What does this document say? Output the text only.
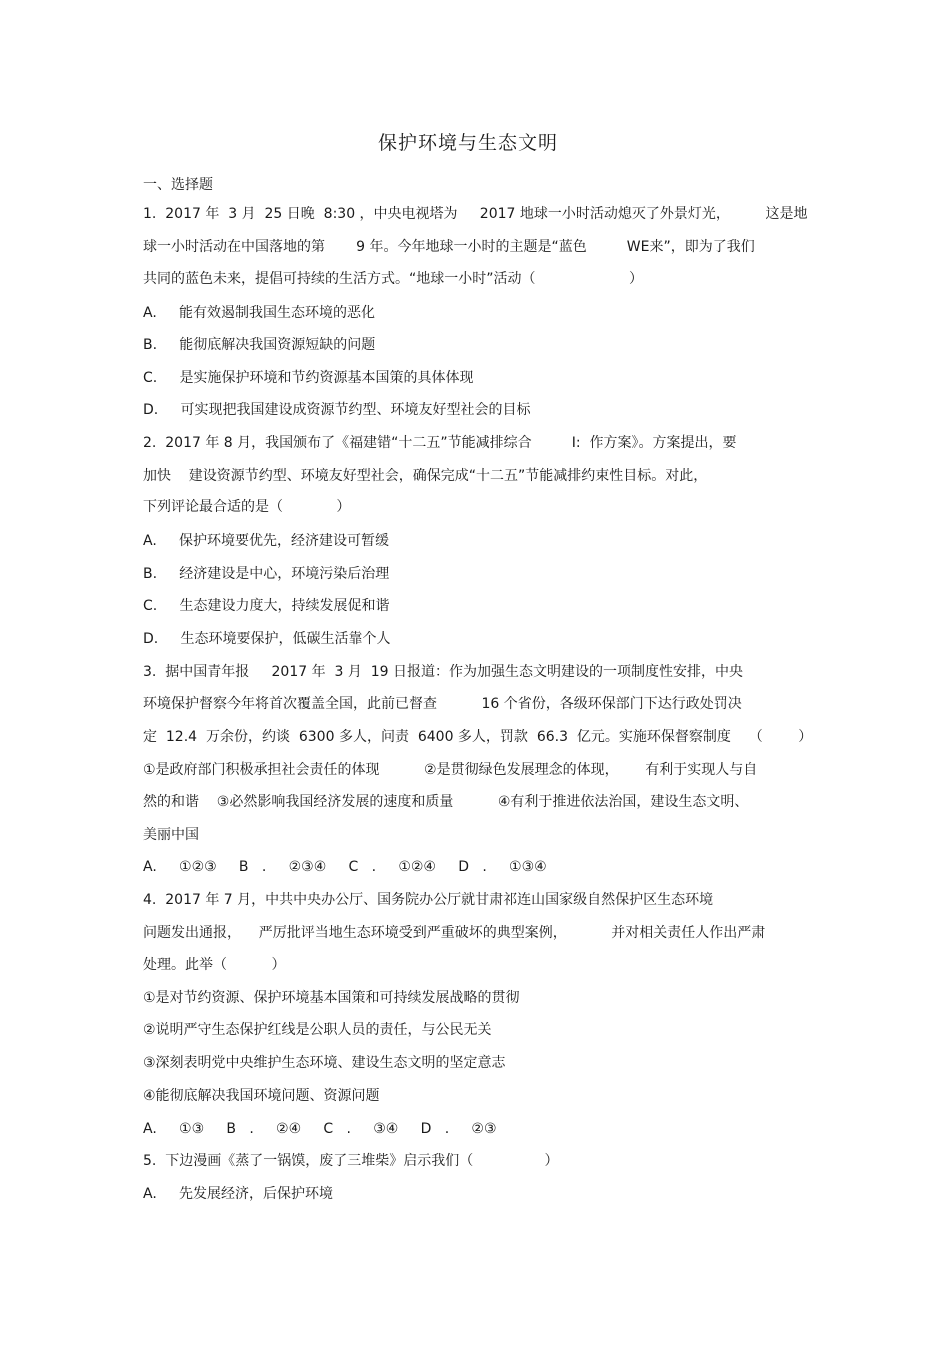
保护环境与生态文明
一、选择题
1.  2017 年  3 月  25 日晚  8:30 ，中央电视塔为     2017 地球一小时活动熄灭了外景灯光，        这是地
球一小时活动在中国落地的第       9 年。今年地球一小时的主题是“蓝色         WE来”，即为了我们
共同的蓝色未来，提倡可持续的生活方式。“地球一小时”活动（                     ）
A.     能有效遏制我国生态环境的恶化
B.     能彻底解决我国资源短缺的问题
C.     是实施保护环境和节约资源基本国策的具体体现
D.     可实现把我国建设成资源节约型、环境友好型社会的目标
2.  2017 年 8 月，我国颁布了《福建错“十二五”节能减排综合         I:  作方案》。方案提出，要
加快    建设资源节约型、环境友好型社会，确保完成“十二五”节能减排约束性目标。对此，
下列评论最合适的是（            ）
A.     保护环境要优先，经济建设可暂缓
B.     经济建设是中心，环境污染后治理
C.     生态建设力度大，持续发展促和谐
D.     生态环境要保护，低碳生活靠个人
3.  据中国青年报     2017 年  3 月  19 日报道：作为加强生态文明建设的一项制度性安排，中央
环境保护督察今年将首次覆盖全国，此前已督查          16 个省份，各级环保部门下达行政处罚决
定  12.4  万余份，约谈  6300 多人，问责  6400 多人，罚款  66.3  亿元。实施环保督察制度    （        ）
①是政府部门积极承担社会责任的体现          ②是贯彻绿色发展理念的体现，      有利于实现人与自
然的和谐    ③必然影响我国经济发展的速度和质量          ④有利于推进依法治国，建设生态文明、
美丽中国
A.     ①②③     B   .     ②③④     C   .     ①②④     D   .     ①③④
4.  2017 年 7 月，中共中央办公厅、国务院办公厅就甘肃祁连山国家级自然保护区生态环境
问题发出通报，    严厉批评当地生态环境受到严重破坏的典型案例，          并对相关责任人作出严肃
处理。此举（          ）
①是对节约资源、保护环境基本国策和可持续发展战略的贯彻
②说明严守生态保护红线是公职人员的责任，与公民无关
③深刻表明党中央维护生态环境、建设生态文明的坚定意志
④能彻底解决我国环境问题、资源问题
A.     ①③     B   .     ②④     C   .     ③④     D   .     ②③
5.  下边漫画《蒸了一锅馍，废了三堆柴》启示我们（                ）
A.     先发展经济，后保护环境
